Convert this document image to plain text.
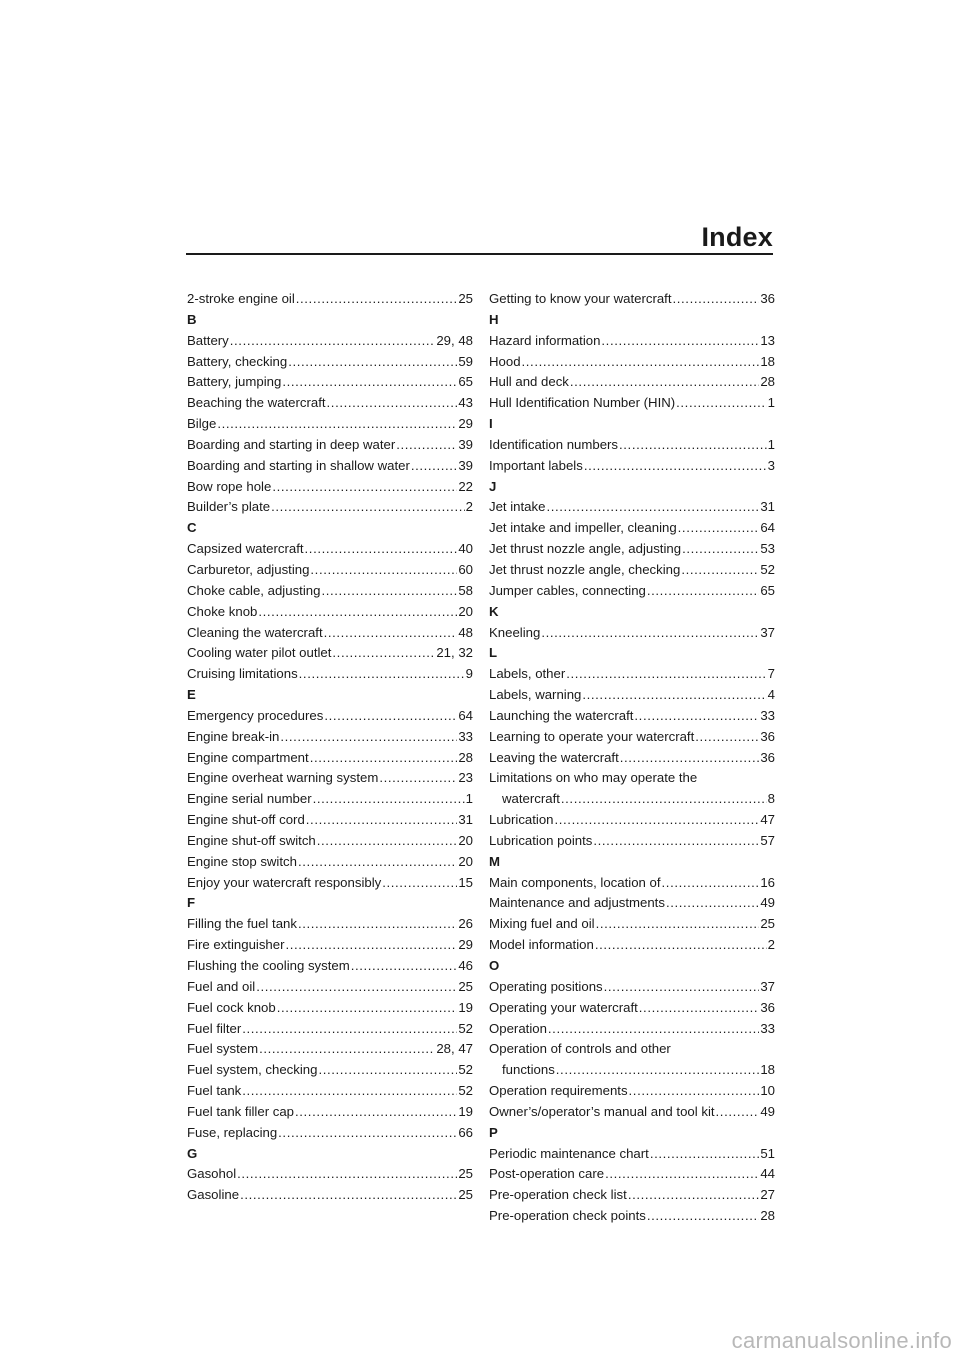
Index
2-stroke engine oil .....	25
B
Battery .....	29, 48
Battery, checking .....	59
Battery, jumping .....	65
Beaching the watercraft .....	43
Bilge .....	29
Boarding and starting in deep water .....	39
Boarding and starting in shallow water .....	39
Bow rope hole .....	22
Builder’s plate .....	2
C
Capsized watercraft .....	40
Carburetor, adjusting .....	60
Choke cable, adjusting .....	58
Choke knob .....	20
Cleaning the watercraft .....	48
Cooling water pilot outlet .....	21, 32
Cruising limitations .....	9
E
Emergency procedures .....	64
Engine break-in .....	33
Engine compartment .....	28
Engine overheat warning system .....	23
Engine serial number .....	1
Engine shut-off cord .....	31
Engine shut-off switch .....	20
Engine stop switch .....	20
Enjoy your watercraft responsibly .....	15
F
Filling the fuel tank .....	26
Fire extinguisher .....	29
Flushing the cooling system .....	46
Fuel and oil .....	25
Fuel cock knob .....	19
Fuel filter .....	52
Fuel system .....	28, 47
Fuel system, checking .....	52
Fuel tank .....	52
Fuel tank filler cap .....	19
Fuse, replacing .....	66
G
Gasohol .....	25
Gasoline .....	25
Getting to know your watercraft .....	36
H
Hazard information .....	13
Hood .....	18
Hull and deck .....	28
Hull Identification Number (HIN) .....	1
I
Identification numbers .....	1
Important labels .....	3
J
Jet intake .....	31
Jet intake and impeller, cleaning .....	64
Jet thrust nozzle angle, adjusting .....	53
Jet thrust nozzle angle, checking .....	52
Jumper cables, connecting .....	65
K
Kneeling .....	37
L
Labels, other .....	7
Labels, warning .....	4
Launching the watercraft .....	33
Learning to operate your watercraft .....	36
Leaving the watercraft .....	36
Limitations on who may operate the
watercraft .....	8
Lubrication .....	47
Lubrication points .....	57
M
Main components, location of .....	16
Maintenance and adjustments .....	49
Mixing fuel and oil .....	25
Model information .....	2
O
Operating positions .....	37
Operating your watercraft .....	36
Operation .....	33
Operation of controls and other
functions .....	18
Operation requirements .....	10
Owner’s/operator’s manual and tool kit .....	49
P
Periodic maintenance chart .....	51
Post-operation care .....	44
Pre-operation check list .....	27
Pre-operation check points .....	28
carmanualsonline.info
